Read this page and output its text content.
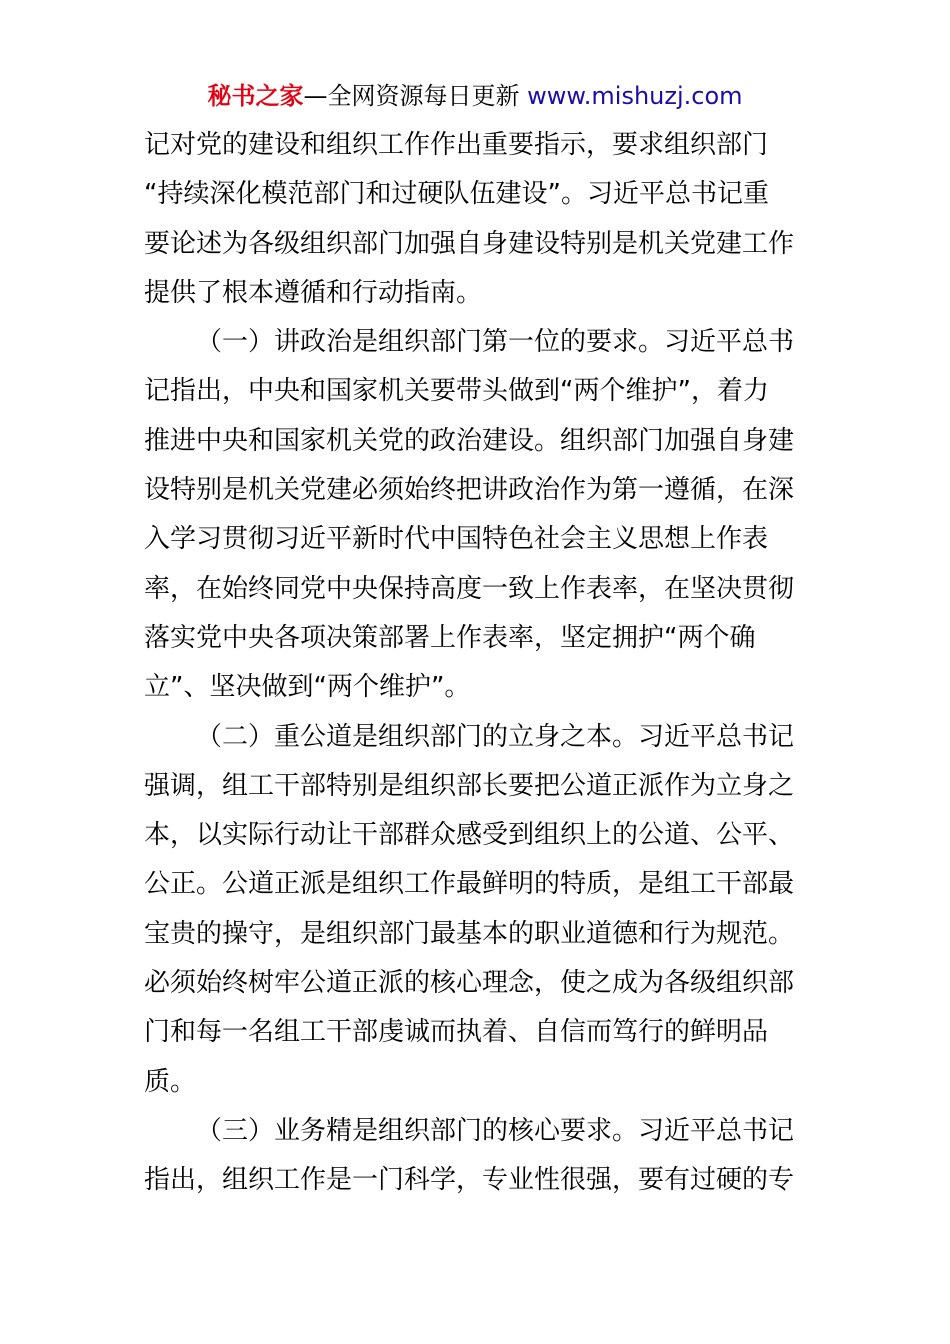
秘书之家—全网资源每日更新 www.mishuzj.com
记对党的建设和组织工作作出重要指示，要求组织部门
“持续深化模范部门和过硬队伍建设”。习近平总书记重
要论述为各级组织部门加强自身建设特别是机关党建工作
提供了根本遵循和行动指南。
（一）讲政治是组织部门第一位的要求。习近平总书
记指出，中央和国家机关要带头做到“两个维护”，着力
推进中央和国家机关党的政治建设。组织部门加强自身建
设特别是机关党建必须始终把讲政治作为第一遵循，在深
入学习贯彻习近平新时代中国特色社会主义思想上作表
率，在始终同党中央保持高度一致上作表率，在坚决贯彻
落实党中央各项决策部署上作表率，坚定拥护“两个确
立”、坚决做到“两个维护”。
（二）重公道是组织部门的立身之本。习近平总书记
强调，组工干部特别是组织部长要把公道正派作为立身之
本，以实际行动让干部群众感受到组织上的公道、公平、
公正。公道正派是组织工作最鲜明的特质，是组工干部最
宝贵的操守，是组织部门最基本的职业道德和行为规范。
必须始终树牢公道正派的核心理念，使之成为各级组织部
门和每一名组工干部虔诚而执着、自信而笃行的鲜明品
质。
（三）业务精是组织部门的核心要求。习近平总书记
指出，组织工作是一门科学，专业性很强，要有过硬的专
